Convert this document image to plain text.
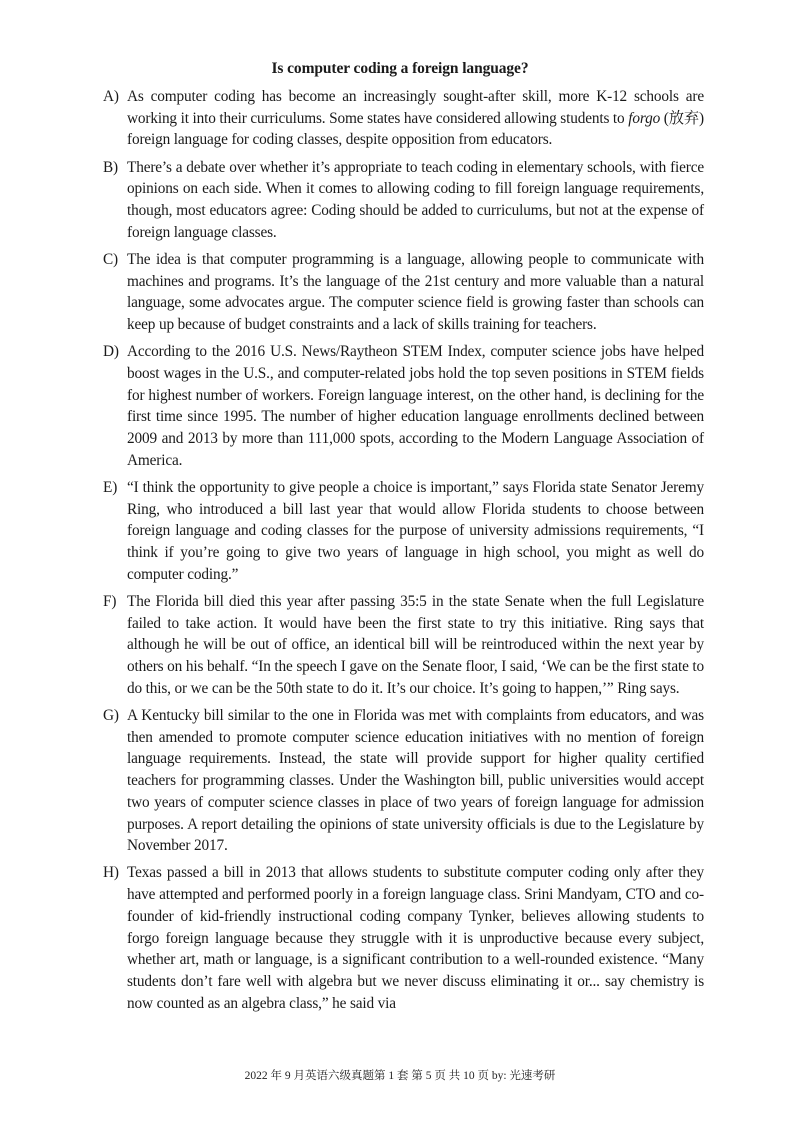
Is computer coding a foreign language?
A) As computer coding has become an increasingly sought-after skill, more K-12 schools are working it into their curriculums. Some states have considered allowing students to forgo (放弃) foreign language for coding classes, despite opposition from educators.
B) There’s a debate over whether it’s appropriate to teach coding in elementary schools, with fierce opinions on each side. When it comes to allowing coding to fill foreign language requirements, though, most educators agree: Coding should be added to curriculums, but not at the expense of foreign language classes.
C) The idea is that computer programming is a language, allowing people to communicate with machines and programs. It’s the language of the 21st century and more valuable than a natural language, some advocates argue. The computer science field is growing faster than schools can keep up because of budget constraints and a lack of skills training for teachers.
D) According to the 2016 U.S. News/Raytheon STEM Index, computer science jobs have helped boost wages in the U.S., and computer-related jobs hold the top seven positions in STEM fields for highest number of workers. Foreign language interest, on the other hand, is declining for the first time since 1995. The number of higher education language enrollments declined between 2009 and 2013 by more than 111,000 spots, according to the Modern Language Association of America.
E) “I think the opportunity to give people a choice is important,” says Florida state Senator Jeremy Ring, who introduced a bill last year that would allow Florida students to choose between foreign language and coding classes for the purpose of university admissions requirements, “I think if you’re going to give two years of language in high school, you might as well do computer coding.”
F) The Florida bill died this year after passing 35:5 in the state Senate when the full Legislature failed to take action. It would have been the first state to try this initiative. Ring says that although he will be out of office, an identical bill will be reintroduced within the next year by others on his behalf. “In the speech I gave on the Senate floor, I said, ‘We can be the first state to do this, or we can be the 50th state to do it. It’s our choice. It’s going to happen,’” Ring says.
G) A Kentucky bill similar to the one in Florida was met with complaints from educators, and was then amended to promote computer science education initiatives with no mention of foreign language requirements. Instead, the state will provide support for higher quality certified teachers for programming classes. Under the Washington bill, public universities would accept two years of computer science classes in place of two years of foreign language for admission purposes. A report detailing the opinions of state university officials is due to the Legislature by November 2017.
H) Texas passed a bill in 2013 that allows students to substitute computer coding only after they have attempted and performed poorly in a foreign language class. Srini Mandyam, CTO and co-founder of kid-friendly instructional coding company Tynker, believes allowing students to forgo foreign language because they struggle with it is unproductive because every subject, whether art, math or language, is a significant contribution to a well-rounded existence. “Many students don’t fare well with algebra but we never discuss eliminating it or... say chemistry is now counted as an algebra class,” he said via
2022 年 9 月英语六级真题第 1 套 第 5 页 共 10 页 by: 光速考研
